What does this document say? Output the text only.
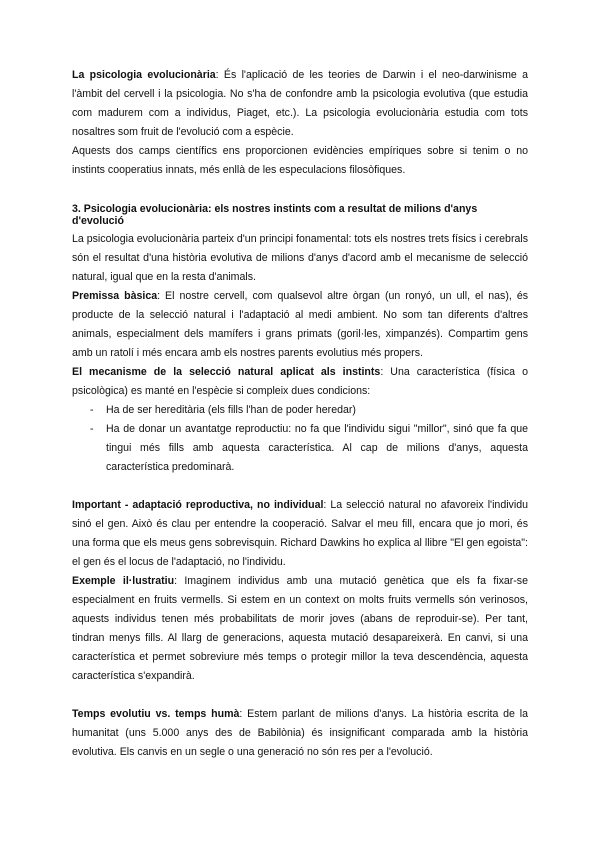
La psicologia evolucionària: És l'aplicació de les teories de Darwin i el neo-darwinisme a l'àmbit del cervell i la psicologia. No s'ha de confondre amb la psicologia evolutiva (que estudia com madurem com a individus, Piaget, etc.). La psicologia evolucionària estudia com tots nosaltres som fruit de l'evolució com a espècie.

Aquests dos camps científics ens proporcionen evidències empíriques sobre si tenim o no instints cooperatius innats, més enllà de les especulacions filosòfiques.

3. Psicologia evolucionària: els nostres instints com a resultat de milions d'anys d'evolució

La psicologia evolucionària parteix d'un principi fonamental: tots els nostres trets físics i cerebrals són el resultat d'una història evolutiva de milions d'anys d'acord amb el mecanisme de selecció natural, igual que en la resta d'animals.

Premissa bàsica: El nostre cervell, com qualsevol altre òrgan (un ronyó, un ull, el nas), és producte de la selecció natural i l'adaptació al medi ambient. No som tan diferents d'altres animals, especialment dels mamífers i grans primats (goril·les, ximpanzés). Compartim gens amb un ratolí i més encara amb els nostres parents evolutius més propers.

El mecanisme de la selecció natural aplicat als instints: Una característica (física o psicològica) es manté en l'espècie si compleix dues condicions:

- Ha de ser hereditària (els fills l'han de poder heredar)
- Ha de donar un avantatge reproductiu: no fa que l'individu sigui "millor", sinó que fa que tingui més fills amb aquesta característica. Al cap de milions d'anys, aquesta característica predominarà.

Important - adaptació reproductiva, no individual: La selecció natural no afavoreix l'individu sinó el gen. Això és clau per entendre la cooperació. Salvar el meu fill, encara que jo mori, és una forma que els meus gens sobrevisquin. Richard Dawkins ho explica al llibre "El gen egoista": el gen és el locus de l'adaptació, no l'individu.

Exemple il·lustratiu: Imaginem individus amb una mutació genètica que els fa fixar-se especialment en fruits vermells. Si estem en un context on molts fruits vermells són verinosos, aquests individus tenen més probabilitats de morir joves (abans de reproduir-se). Per tant, tindran menys fills. Al llarg de generacions, aquesta mutació desapareixerà. En canvi, si una característica et permet sobreviure més temps o protegir millor la teva descendència, aquesta característica s'expandirà.

Temps evolutiu vs. temps humà: Estem parlant de milions d'anys. La història escrita de la humanitat (uns 5.000 anys des de Babilònia) és insignificant comparada amb la història evolutiva. Els canvis en un segle o una generació no són res per a l'evolució.
